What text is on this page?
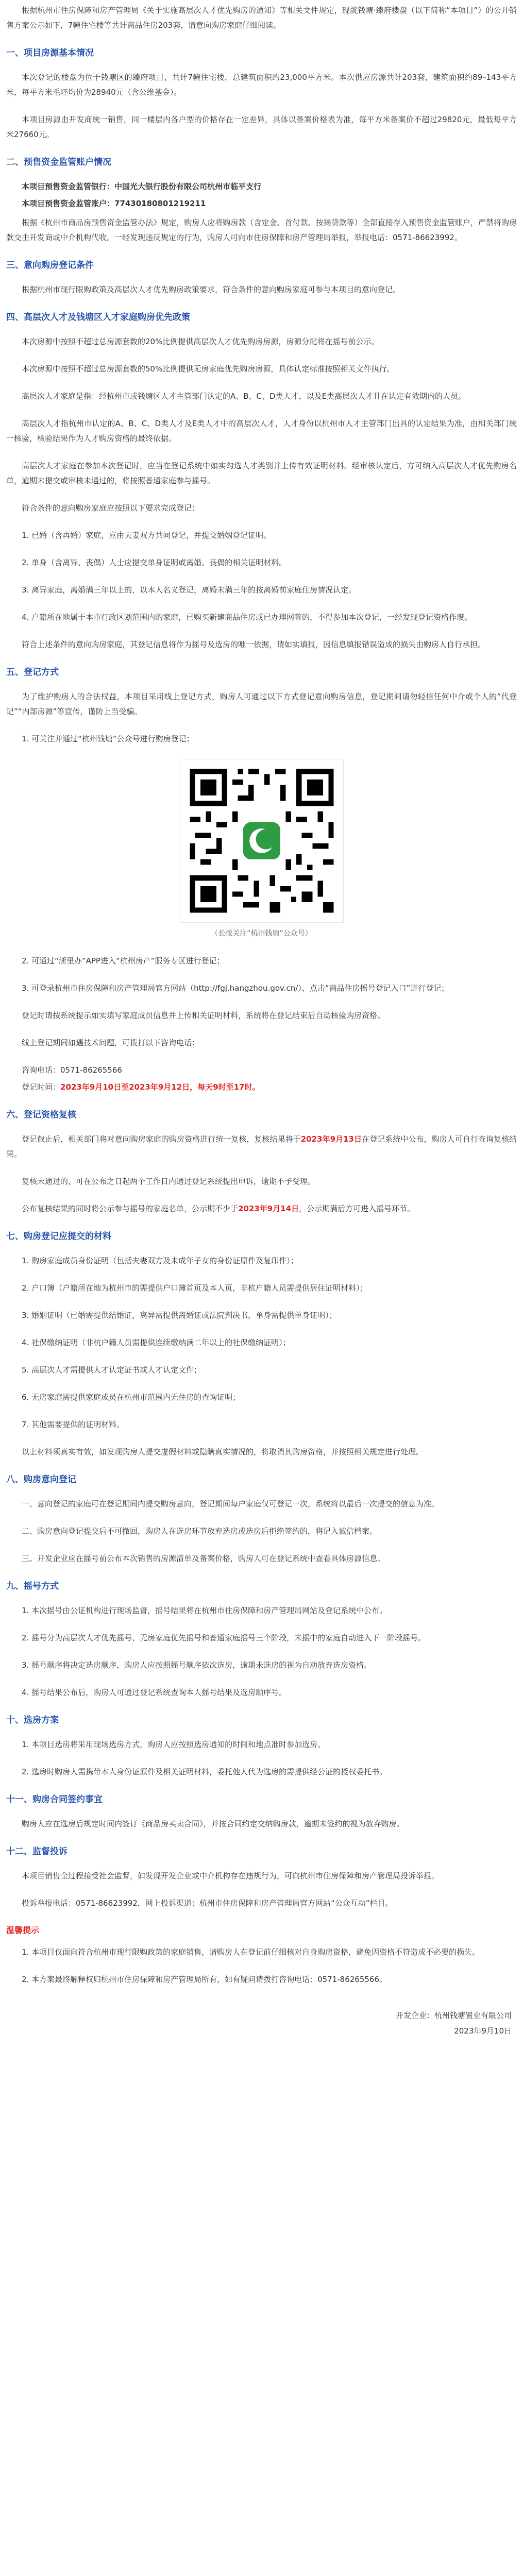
根据杭州市住房保障和房产管理局《关于实施高层次人才优先购房的通知》等相关文件规定，现就钱塘·臻府楼盘（以下简称“本项目”）的公开销售方案公示如下，7幢住宅楼等共计商品住房203套，请意向购房家庭仔细阅读。

一、项目房源基本情况

本次登记的楼盘为位于钱塘区的臻府项目，共计7幢住宅楼，总建筑面积约23,000平方米。本次供应房源共计203套，建筑面积约89–143平方米，每平方米毛坯均价为28940元（含公维基金）。

本项目房源由开发商统一销售，同一楼层内各户型的价格存在一定差异，具体以备案价格表为准，每平方米备案价不超过29820元，最低每平方米27660元。

二、预售资金监管账户情况

本项目预售资金监管银行：中国光大银行股份有限公司杭州市临平支行

本项目预售资金监管账户：77430180801219211

根据《杭州市商品房预售资金监管办法》规定，购房人应将购房款（含定金、首付款、按揭贷款等）全部直接存入预售资金监管账户，严禁将购房款交由开发商或中介机构代收。一经发现违反规定的行为，购房人可向市住房保障和房产管理局举报，举报电话：0571-86623992。

三、意向购房登记条件

根据杭州市现行限购政策及高层次人才优先购房政策要求，符合条件的意向购房家庭可参与本项目的意向登记。

四、高层次人才及钱塘区人才家庭购房优先政策

本次房源中按照不超过总房源套数的20%比例提供高层次人才优先购房房源，房源分配将在摇号前公示。

本次房源中按照不超过总房源套数的50%比例提供无房家庭优先购房房源，具体认定标准按照相关文件执行。

高层次人才家庭是指：经杭州市或钱塘区人才主管部门认定的A、B、C、D类人才，以及E类高层次人才且在认定有效期内的人员。

高层次人才指杭州市认定的A、B、C、D类人才及E类人才中的高层次人才，人才身份以杭州市人才主管部门出具的认定结果为准，由相关部门统一核验，核验结果作为人才购房资格的最终依据。

高层次人才家庭在参加本次登记时，应当在登记系统中如实勾选人才类别并上传有效证明材料。经审核认定后，方可纳入高层次人才优先购房名单，逾期未提交或审核未通过的，将按照普通家庭参与摇号。

符合条件的意向购房家庭应按照以下要求完成登记：

1. 已婚（含再婚）家庭，应由夫妻双方共同登记，并提交婚姻登记证明。

2. 单身（含离异、丧偶）人士应提交单身证明或离婚、丧偶的相关证明材料。

3. 离异家庭，离婚满三年以上的，以本人名义登记，离婚未满三年的按离婚前家庭住房情况认定。

4. 户籍所在地属于本市行政区划范围内的家庭，已购买新建商品住房或已办理网签的，不得参加本次登记，一经发现登记资格作废。

符合上述条件的意向购房家庭，其登记信息将作为摇号及选房的唯一依据，请如实填报，因信息填报错误造成的损失由购房人自行承担。

五、登记方式

为了维护购房人的合法权益，本项目采用线上登记方式，购房人可通过以下方式登记意向购房信息，登记期间请勿轻信任何中介或个人的“代登记”“内部房源”等宣传，谨防上当受骗。

1. 可关注并通过“杭州钱塘”公众号进行购房登记；

（长按关注“杭州钱塘”公众号）

2. 可通过“浙里办”APP进入“杭州房产”服务专区进行登记；

3. 可登录杭州市住房保障和房产管理局官方网站（http://fgj.hangzhou.gov.cn/），点击“商品住房摇号登记入口”进行登记；

登记时请按系统提示如实填写家庭成员信息并上传相关证明材料，系统将在登记结束后自动核验购房资格。

线上登记期间如遇技术问题，可拨打以下咨询电话：

咨询电话：0571-86265566

登记时间：2023年9月10日至2023年9月12日，每天9时至17时。

六、登记资格复核

登记截止后，相关部门将对意向购房家庭的购房资格进行统一复核，复核结果将于2023年9月13日在登记系统中公布，购房人可自行查询复核结果。

复核未通过的，可在公布之日起两个工作日内通过登记系统提出申诉，逾期不予受理。

公布复核结果的同时将公示参与摇号的家庭名单，公示期不少于2023年9月14日，公示期满后方可进入摇号环节。

七、购房登记应提交的材料

1. 购房家庭成员身份证明（包括夫妻双方及未成年子女的身份证原件及复印件）；

2. 户口簿（户籍所在地为杭州市的需提供户口簿首页及本人页，非杭户籍人员需提供居住证明材料）；

3. 婚姻证明（已婚需提供结婚证，离异需提供离婚证或法院判决书，单身需提供单身证明）；

4. 社保缴纳证明（非杭户籍人员需提供连续缴纳满二年以上的社保缴纳证明）；

5. 高层次人才需提供人才认定证书或人才认定文件；

6. 无房家庭需提供家庭成员在杭州市范围内无住房的查询证明；

7. 其他需要提供的证明材料。

以上材料须真实有效，如发现购房人提交虚假材料或隐瞒真实情况的，将取消其购房资格，并按照相关规定进行处理。

八、购房意向登记

一、意向登记的家庭可在登记期间内提交购房意向，登记期间每户家庭仅可登记一次，系统将以最后一次提交的信息为准。

二、购房意向登记提交后不可撤回，购房人在选房环节放弃选房或选房后拒绝签约的，将记入诚信档案。

三、开发企业应在摇号前公布本次销售的房源清单及备案价格，购房人可在登记系统中查看具体房源信息。

九、摇号方式

1. 本次摇号由公证机构进行现场监督，摇号结果将在杭州市住房保障和房产管理局网站及登记系统中公布。

2. 摇号分为高层次人才优先摇号、无房家庭优先摇号和普通家庭摇号三个阶段，未摇中的家庭自动进入下一阶段摇号。

3. 摇号顺序将决定选房顺序，购房人应按照摇号顺序依次选房，逾期未选房的视为自动放弃选房资格。

4. 摇号结果公布后，购房人可通过登记系统查询本人摇号结果及选房顺序号。

十、选房方案

1. 本项目选房将采用现场选房方式，购房人应按照选房通知的时间和地点准时参加选房。

2. 选房时购房人需携带本人身份证原件及相关证明材料，委托他人代为选房的需提供经公证的授权委托书。

十一、购房合同签约事宜

购房人应在选房后规定时间内签订《商品房买卖合同》，并按合同约定交纳购房款，逾期未签约的视为放弃购房。

十二、监督投诉

本项目销售全过程接受社会监督，如发现开发企业或中介机构存在违规行为，可向杭州市住房保障和房产管理局投诉举报。

投诉举报电话：0571-86623992，网上投诉渠道：杭州市住房保障和房产管理局官方网站“公众互动”栏目。

温馨提示

1. 本项目仅面向符合杭州市现行限购政策的家庭销售，请购房人在登记前仔细核对自身购房资格，避免因资格不符造成不必要的损失。

2. 本方案最终解释权归杭州市住房保障和房产管理局所有，如有疑问请拨打咨询电话：0571-86265566。

开发企业：杭州钱塘置业有限公司
2023年9月10日
